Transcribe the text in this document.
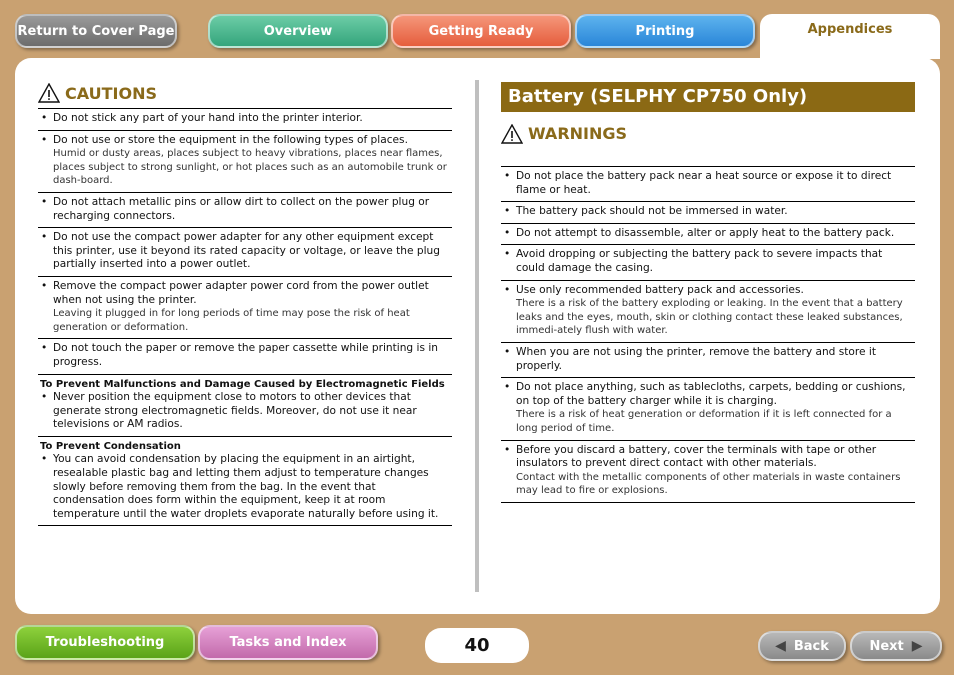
Return to Cover Page	Overview	Getting Ready	Printing	Appendices
CAUTIONS
• Do not stick any part of your hand into the printer interior.
• Do not use or store the equipment in the following types of places.
Humid or dusty areas, places subject to heavy vibrations, places near flames, places subject to strong sunlight, or hot places such as an automobile trunk or dash-board.
• Do not attach metallic pins or allow dirt to collect on the power plug or recharging connectors.
• Do not use the compact power adapter for any other equipment except this printer, use it beyond its rated capacity or voltage, or leave the plug partially inserted into a power outlet.
• Remove the compact power adapter power cord from the power outlet when not using the printer.
Leaving it plugged in for long periods of time may pose the risk of heat generation or deformation.
• Do not touch the paper or remove the paper cassette while printing is in progress.
To Prevent Malfunctions and Damage Caused by Electromagnetic Fields
• Never position the equipment close to motors to other devices that generate strong electromagnetic fields. Moreover, do not use it near televisions or AM radios.
To Prevent Condensation
• You can avoid condensation by placing the equipment in an airtight, resealable plastic bag and letting them adjust to temperature changes slowly before removing them from the bag. In the event that condensation does form within the equipment, keep it at room temperature until the water droplets evaporate naturally before using it.
Battery (SELPHY CP750 Only)
WARNINGS
• Do not place the battery pack near a heat source or expose it to direct flame or heat.
• The battery pack should not be immersed in water.
• Do not attempt to disassemble, alter or apply heat to the battery pack.
• Avoid dropping or subjecting the battery pack to severe impacts that could damage the casing.
• Use only recommended battery pack and accessories.
There is a risk of the battery exploding or leaking. In the event that a battery leaks and the eyes, mouth, skin or clothing contact these leaked substances, immedi-ately flush with water.
• When you are not using the printer, remove the battery and store it properly.
• Do not place anything, such as tablecloths, carpets, bedding or cushions, on top of the battery charger while it is charging.
There is a risk of heat generation or deformation if it is left connected for a long period of time.
• Before you discard a battery, cover the terminals with tape or other insulators to prevent direct contact with other materials.
Contact with the metallic components of other materials in waste containers may lead to fire or explosions.
Troubleshooting	Tasks and Index	40	◀ Back	Next ▶
